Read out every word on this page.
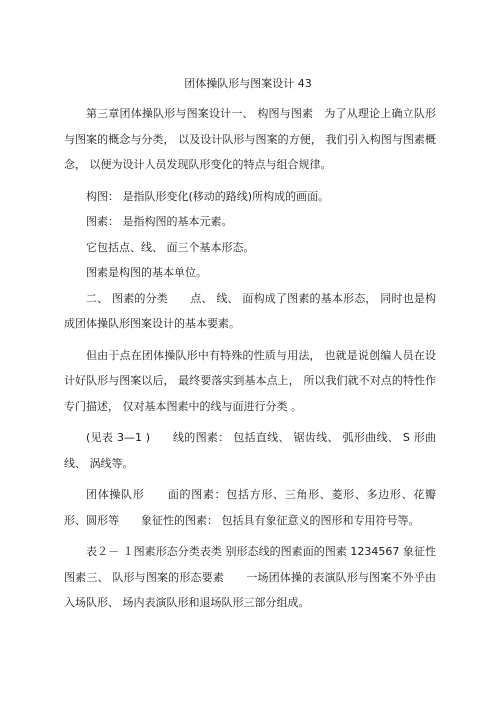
团体操队形与图案设计 43

第三章团体操队形与图案设计一、 构图与图素　为了从理论上确立队形与图案的概念与分类， 以及设计队形与图案的方便， 我们引入构图与图素概念， 以便为设计人员发现队形变化的特点与组合规律。

构图： 是指队形变化(移动的路线)所构成的画面。

图素： 是指构图的基本元素。

它包括点、线、 面三个基本形态。

图素是构图的基本单位。

二、 图素的分类　　点、 线、 面构成了图素的基本形态， 同时也是构成团体操队形图案设计的基本要素。

但由于点在团体操队形中有特殊的性质与用法， 也就是说创编人员在设计好队形与图案以后， 最终要落实到基本点上， 所以我们就不对点的特性作专门描述， 仅对基本图素中的线与面进行分类 。

(见表 3—1 )　　线的图素： 包括直线、 锯齿线、 弧形曲线、 S 形曲线、 涡线等。

团体操队形　　面的图素：包括方形、三角形、菱形、多边形、花瓣形、圆形等　　象征性的图素： 包括具有象征意义的图形和专用符号等。

表２－ １图素形态分类表类 别形态线的图素面的图素 1234567 象征性图素三、 队形与图案的形态要素　　一场团体操的表演队形与图案不外乎由入场队形、 场内表演队形和退场队形三部分组成。
